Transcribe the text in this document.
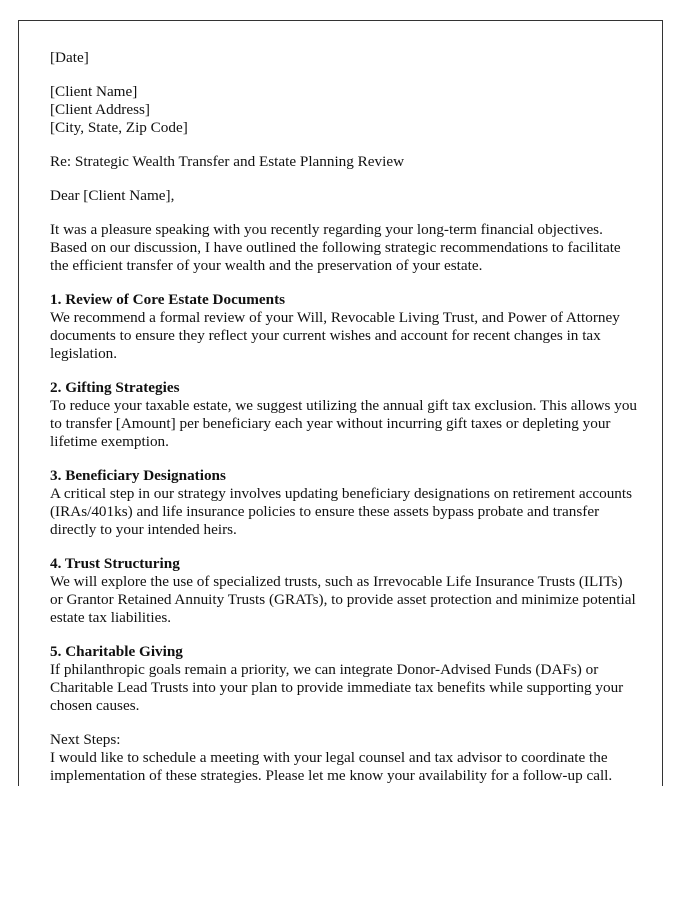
[Date]

[Client Name]
[Client Address]
[City, State, Zip Code]

Re: Strategic Wealth Transfer and Estate Planning Review

Dear [Client Name],

It was a pleasure speaking with you recently regarding your long-term financial objectives. Based on our discussion, I have outlined the following strategic recommendations to facilitate the efficient transfer of your wealth and the preservation of your estate.

1. Review of Core Estate Documents
We recommend a formal review of your Will, Revocable Living Trust, and Power of Attorney documents to ensure they reflect your current wishes and account for recent changes in tax legislation.

2. Gifting Strategies
To reduce your taxable estate, we suggest utilizing the annual gift tax exclusion. This allows you to transfer [Amount] per beneficiary each year without incurring gift taxes or depleting your lifetime exemption.

3. Beneficiary Designations
A critical step in our strategy involves updating beneficiary designations on retirement accounts (IRAs/401ks) and life insurance policies to ensure these assets bypass probate and transfer directly to your intended heirs.

4. Trust Structuring
We will explore the use of specialized trusts, such as Irrevocable Life Insurance Trusts (ILITs) or Grantor Retained Annuity Trusts (GRATs), to provide asset protection and minimize potential estate tax liabilities.

5. Charitable Giving
If philanthropic goals remain a priority, we can integrate Donor-Advised Funds (DAFs) or Charitable Lead Trusts into your plan to provide immediate tax benefits while supporting your chosen causes.

Next Steps:
I would like to schedule a meeting with your legal counsel and tax advisor to coordinate the implementation of these strategies. Please let me know your availability for a follow-up call.
